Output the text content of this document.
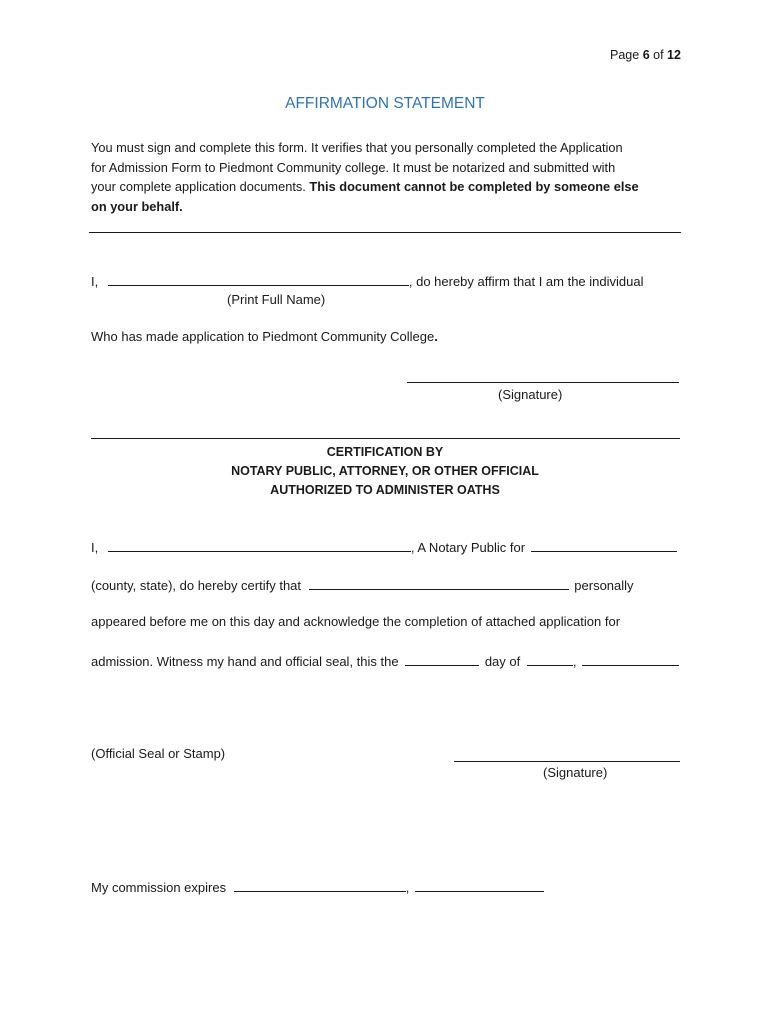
Page 6 of 12
AFFIRMATION STATEMENT
You must sign and complete this form. It verifies that you personally completed the Application
for Admission Form to Piedmont Community college. It must be notarized and submitted with
your complete application documents. This document cannot be completed by someone else
on your behalf.
I,	, do hereby affirm that I am the individual
(Print Full Name)
Who has made application to Piedmont Community College.
(Signature)
CERTIFICATION BY
NOTARY PUBLIC, ATTORNEY, OR OTHER OFFICIAL
AUTHORIZED TO ADMINISTER OATHS
I,	, A Notary Public for
(county, state), do hereby certify that	personally
appeared before me on this day and acknowledge the completion of attached application for
admission. Witness my hand and official seal, this the	day of	,
(Official Seal or Stamp)
(Signature)
My commission expires	,
